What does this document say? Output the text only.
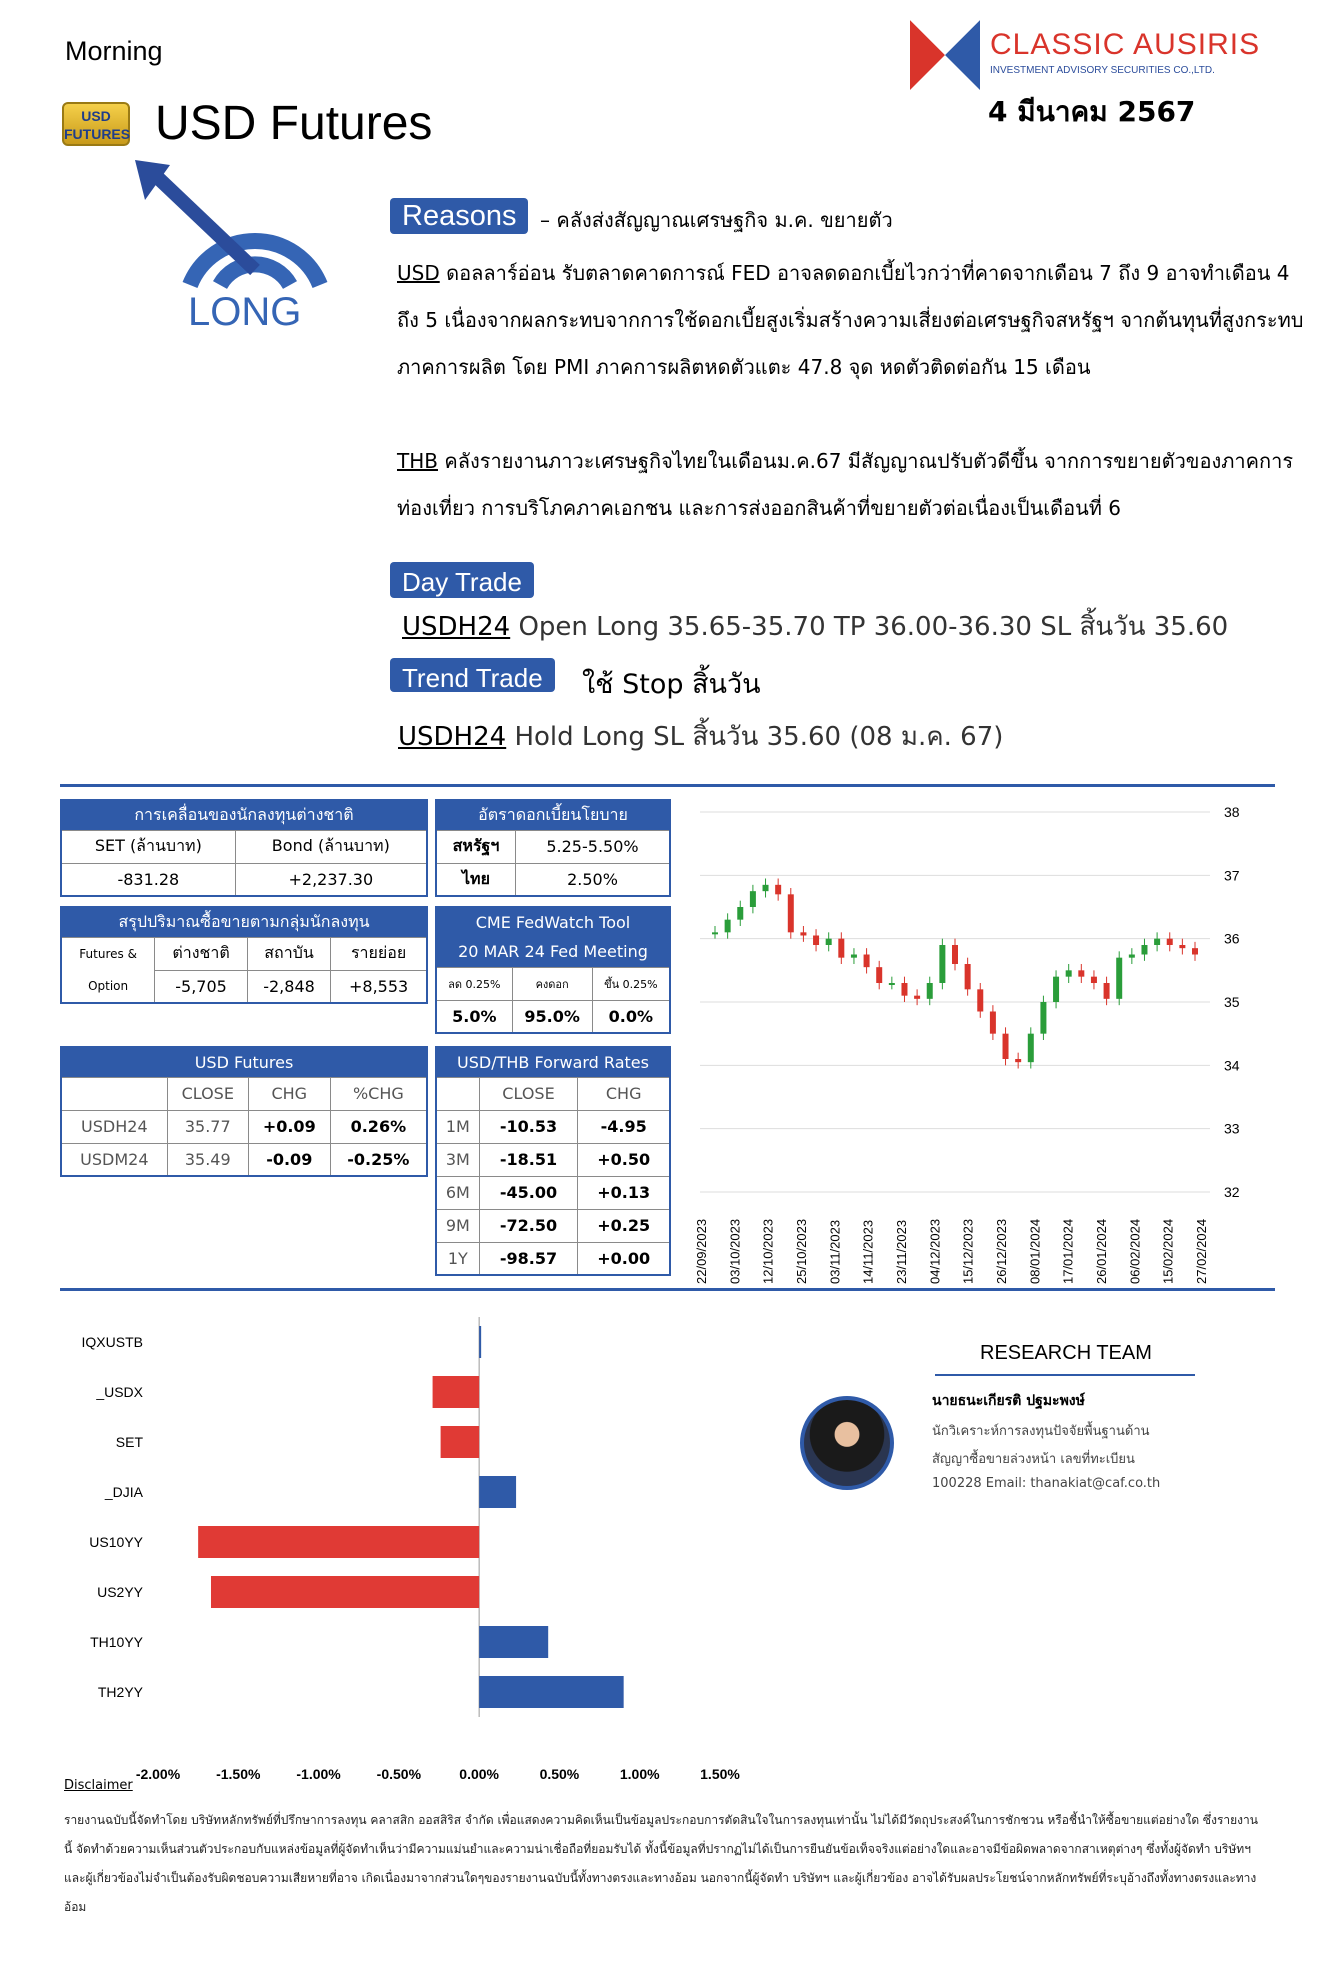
Morning
USD FUTURES USD Futures
CLASSIC AUSIRIS
INVESTMENT ADVISORY SECURITIES CO.,LTD.
4 มีนาคม 2567
LONG
Reasons	– คลังส่งสัญญาณเศรษฐกิจ ม.ค. ขยายตัว
USD ดอลลาร์อ่อน รับตลาดคาดการณ์ FED อาจลดดอกเบี้ยไวกว่าที่คาดจากเดือน 7 ถึง 9 อาจทำเดือน 4 ถึง 5 เนื่องจากผลกระทบจากการใช้ดอกเบี้ยสูงเริ่มสร้างความเสี่ยงต่อเศรษฐกิจสหรัฐฯ จากต้นทุนที่สูงกระทบภาคการผลิต โดย PMI ภาคการผลิตหดตัวแตะ 47.8 จุด หดตัวติดต่อกัน 15 เดือน
THB คลังรายงานภาวะเศรษฐกิจไทยในเดือนม.ค.67 มีสัญญาณปรับตัวดีขึ้น จากการขยายตัวของภาคการท่องเที่ยว การบริโภคภาคเอกชน และการส่งออกสินค้าที่ขยายตัวต่อเนื่องเป็นเดือนที่ 6
Day Trade
USDH24 Open Long 35.65-35.70 TP 36.00-36.30 SL สิ้นวัน 35.60
Trend Trade	ใช้ Stop สิ้นวัน
USDH24 Hold Long SL สิ้นวัน 35.60 (08 ม.ค. 67)
การเคลื่อนของนักลงทุนต่างชาติ	
SET (ล้านบาท)	Bond (ล้านบาท)
-831.28	+2,237.30
อัตราดอกเบี้ยนโยบาย	
สหรัฐฯ	5.25-5.50%
ไทย	2.50%
สรุปปริมาณซื้อขายตามกลุ่มนักลงทุน			
Futures &	ต่างชาติ	สถาบัน	รายย่อย
Option	-5,705	-2,848	+8,553
CME FedWatch Tool		
20 MAR 24 Fed Meeting		
ลด 0.25%	คงดอก	ขึ้น 0.25%
5.0%	95.0%	0.0%
USD Futures			
	CLOSE	CHG	%CHG
USDH24	35.77	+0.09	0.26%
USDM24	35.49	-0.09	-0.25%
USD/THB Forward Rates		
	CLOSE	CHG
1M	-10.53	-4.95
3M	-18.51	+0.50
6M	-45.00	+0.13
9M	-72.50	+0.25
1Y	-98.57	+0.00
38
37
36
35
34
33
32
22/09/2023 03/10/2023 12/10/2023 25/10/2023 03/11/2023 14/11/2023 23/11/2023 04/12/2023 15/12/2023 26/12/2023 08/01/2024 17/01/2024 26/01/2024 06/02/2024 15/02/2024 27/02/2024
IQXUSTB
_USDX
SET
_DJIA
US10YY
US2YY
TH10YY
TH2YY
-2.00%	-1.50%	-1.00%	-0.50%	0.00%	0.50%	1.00%	1.50%
RESEARCH TEAM
นายธนะเกียรติ ปฐมะพงษ์
นักวิเคราะห์การลงทุนปัจจัยพื้นฐานด้าน
สัญญาซื้อขายล่วงหน้า เลขที่ทะเบียน
100228 Email: thanakiat@caf.co.th
Disclaimer
รายงานฉบับนี้จัดทำโดย บริษัทหลักทรัพย์ที่ปรึกษาการลงทุน คลาสสิก ออสสิริส จำกัด เพื่อแสดงความคิดเห็นเป็นข้อมูลประกอบการตัดสินใจในการลงทุนเท่านั้น ไม่ได้มีวัตถุประสงค์ในการชักชวน หรือชี้นำให้ซื้อขายแต่อย่างใด ซึ่งรายงานนี้ จัดทำด้วยความเห็นส่วนตัวประกอบกับแหล่งข้อมูลที่ผู้จัดทำเห็นว่ามีความแม่นยำและความน่าเชื่อถือที่ยอมรับได้ ทั้งนี้ข้อมูลที่ปรากฏไม่ได้เป็นการยืนยันข้อเท็จจริงแต่อย่างใดและอาจมีข้อผิดพลาดจากสาเหตุต่างๆ ซึ่งทั้งผู้จัดทำ บริษัทฯ และผู้เกี่ยวข้องไม่จำเป็นต้องรับผิดชอบความเสียหายที่อาจ เกิดเนื่องมาจากส่วนใดๆของรายงานฉบับนี้ทั้งทางตรงและทางอ้อม นอกจากนี้ผู้จัดทำ บริษัทฯ และผู้เกี่ยวข้อง อาจได้รับผลประโยชน์จากหลักทรัพย์ที่ระบุอ้างถึงทั้งทางตรงและทางอ้อม
